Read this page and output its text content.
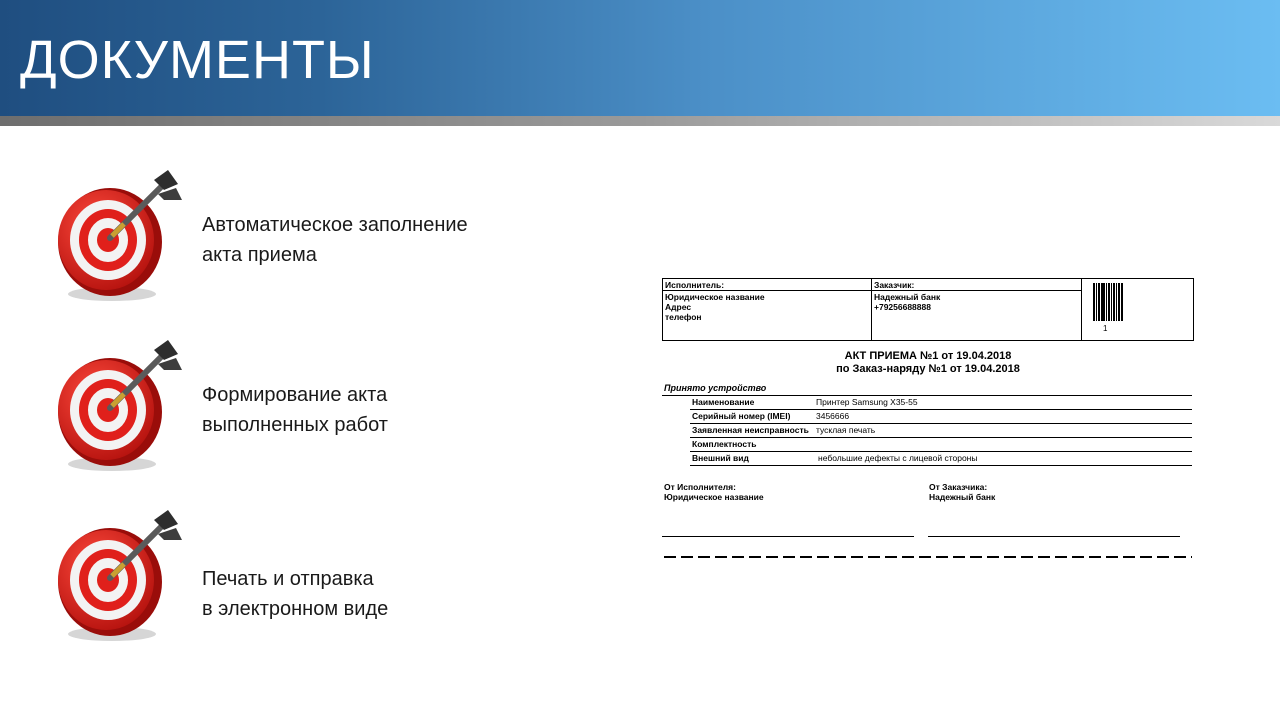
ДОКУМЕНТЫ
Автоматическое заполнение
акта приема
Формирование акта
выполненных работ
Печать и отправка
в электронном виде
Исполнитель:
Юридическое название
Адрес
телефон
Заказчик:
Надежный банк
+79256688888
1
АКТ ПРИЕМА №1 от 19.04.2018
по Заказ-наряду №1 от 19.04.2018
Принято устройство
Наименование	Принтер Samsung X35-55
Серийный номер (IMEI)	3456666
Заявленная неисправность тусклая печать
Комплектность
Внешний вид	небольшие дефекты с лицевой стороны
От Исполнителя:
Юридическое название
От Заказчика:
Надежный банк
